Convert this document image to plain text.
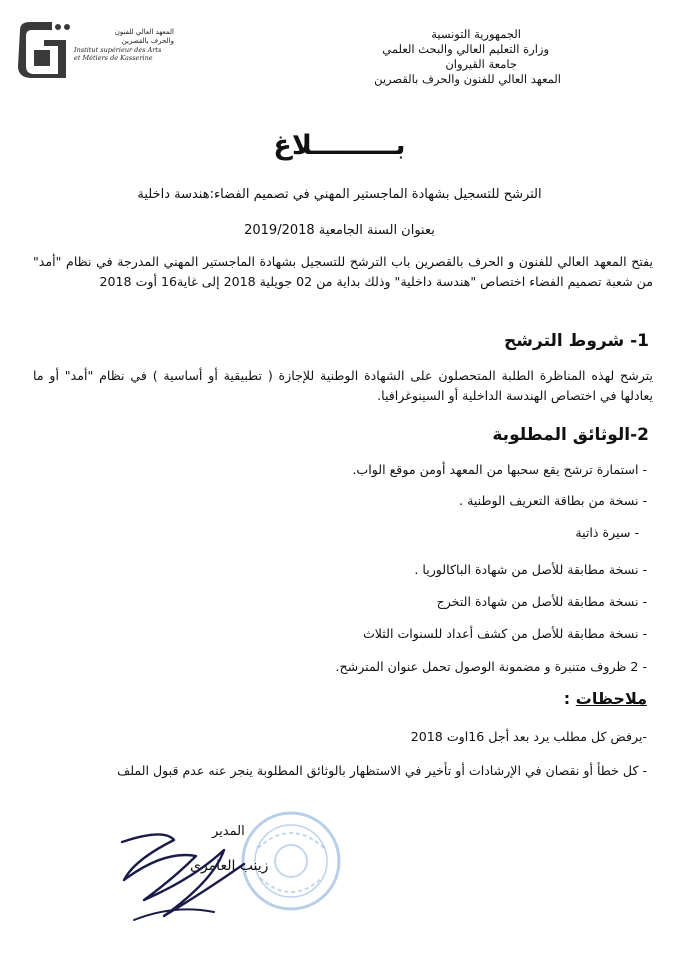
المعهد العالي للفنون
والحرف بالقصرين
Institut supérieur des Arts
et Métiers de Kasserine
الجمهورية التونسية
وزارة التعليم العالي والبحث العلمي
جامعة القيروان
المعهد العالي للفنون والحرف بالقصرين
بـــــــــلاغ
الترشح للتسجيل بشهادة الماجستير المهني في تصميم الفضاء:هندسة داخلية
بعنوان السنة الجامعية 2019/2018
يفتح المعهد العالي للفنون و الحرف بالقصرين باب الترشح للتسجيل بشهادة الماجستير المهني المدرجة في نظام "أمد" من شعبة تصميم الفضاء اختصاص "هندسة داخلية" وذلك بداية من 02 جويلية 2018 إلى غاية16 أوت 2018
1- شروط الترشح
يترشح لهذه المناظرة الطلبة المتحصلون على الشهادة الوطنية للإجازة ( تطبيقية أو أساسية ) في نظام "أمد" أو ما يعادلها في اختصاص الهندسة الداخلية أو السينوغرافيا.
2-الوثائق المطلوبة
- استمارة ترشح يقع سحبها من المعهد أومن موقع الواب.
- نسخة من بطاقة التعريف الوطنية .
- سيرة ذاتية
- نسخة مطابقة للأصل من شهادة الباكالوريا .
- نسخة مطابقة للأصل من شهادة التخرج
- نسخة مطابقة للأصل من كشف أعداد للسنوات الثلاث
- 2 ظروف متنبرة و مضمونة الوصول تحمل عنوان المترشح.
ملاحظات :
-يرفض كل مطلب يرد بعد أجل 16اوت 2018
- كل خطأ أو نقصان في الإرشادات أو تأخير في الاستظهار بالوثائق المطلوبة ينجر عنه عدم قبول الملف
المدير
زينب العامري
